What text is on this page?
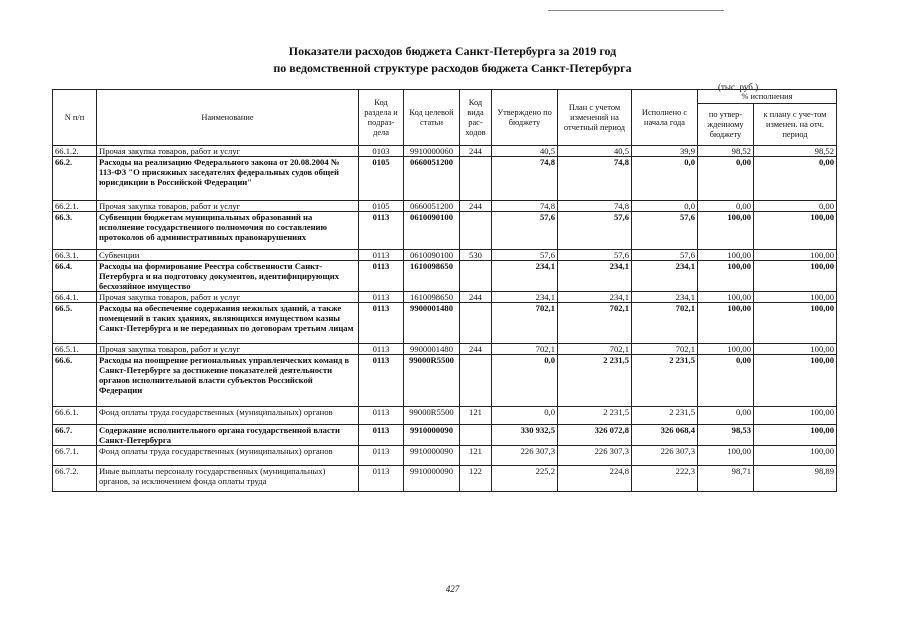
Показатели расходов бюджета Санкт-Петербурга за 2019 год
по ведомственной структуре расходов бюджета Санкт-Петербурга
(тыс. руб.)
N п/п	Наименование	Код раздела и подраз-дела	Код целевой статьи	Код вида рас-ходов	Утверждено по бюджету	План с учетом изменений на отчетный период	Исполнено с начала года	% исполнения	
								по утвер-жденному бюджету	к плану с уче-том изменен. на отч. период
66.1.2.	Прочая закупка товаров, работ и услуг	0103	9910000060	244	40,5	40,5	39,9	98,52	98,52
66.2.	Расходы на реализацию Федерального закона от 20.08.2004 № 113-ФЗ "О присяжных заседателях федеральных судов общей юрисдикции в Российской Федерации"	0105	0660051200		74,8	74,8	0,0	0,00	0,00
66.2.1.	Прочая закупка товаров, работ и услуг	0105	0660051200	244	74,8	74,8	0,0	0,00	0,00
66.3.	Субвенции бюджетам муниципальных образований на исполнение государственного полномочия по составлению протоколов об административных правонарушениях	0113	0610090100		57,6	57,6	57,6	100,00	100,00
66.3.1.	Субвенции	0113	0610090100	530	57,6	57,6	57,6	100,00	100,00
66.4.	Расходы на формирование Реестра собственности Санкт-Петербурга и на подготовку документов, идентифицирующих бесхозяйное имущество	0113	1610098650		234,1	234,1	234,1	100,00	100,00
66.4.1.	Прочая закупка товаров, работ и услуг	0113	1610098650	244	234,1	234,1	234,1	100,00	100,00
66.5.	Расходы на обеспечение содержания нежилых зданий, а также помещений в таких зданиях, являющихся имуществом казны Санкт-Петербурга и не переданных по договорам третьим лицам	0113	9900001480		702,1	702,1	702,1	100,00	100,00
66.5.1.	Прочая закупка товаров, работ и услуг	0113	9900001480	244	702,1	702,1	702,1	100,00	100,00
66.6.	Расходы на поощрение региональных управленческих команд в Санкт-Петербурге за достижение показателей деятельности органов исполнительной власти субъектов Российской Федерации	0113	99000R5500		0,0	2 231,5	2 231,5	0,00	100,00
66.6.1.	Фонд оплаты труда государственных (муниципальных) органов	0113	99000R5500	121	0,0	2 231,5	2 231,5	0,00	100,00
66.7.	Содержание исполнительного органа государственной власти Санкт-Петербурга	0113	9910000090		330 932,5	326 072,8	326 068,4	98,53	100,00
66.7.1.	Фонд оплаты труда государственных (муниципальных) органов	0113	9910000090	121	226 307,3	226 307,3	226 307,3	100,00	100,00
66.7.2.	Иные выплаты персоналу государственных (муниципальных) органов, за исключением фонда оплаты труда	0113	9910000090	122	225,2	224,8	222,3	98,71	98,89
427
